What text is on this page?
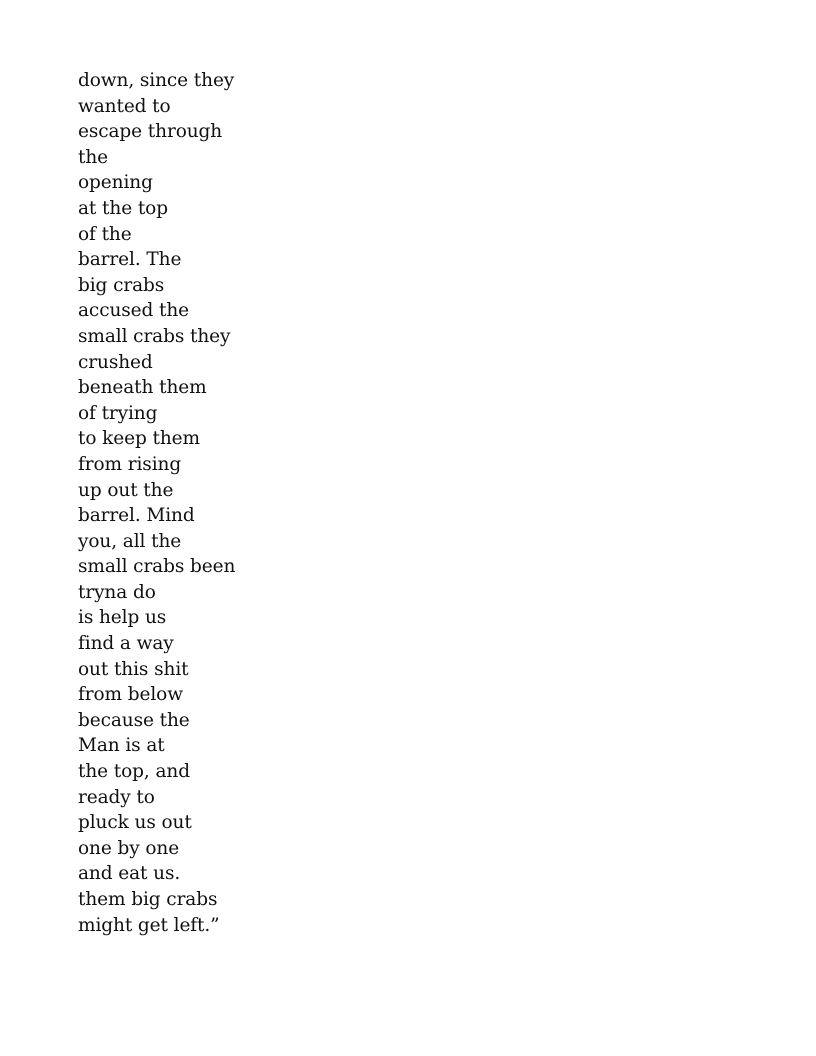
down, since they
wanted to
escape through
the
opening
at the top
of the
barrel. The
big crabs
accused the
small crabs they
crushed
beneath them
of trying
to keep them
from rising
up out the
barrel. Mind
you, all the
small crabs been
tryna do
is help us
find a way
out this shit
from below
because the
Man is at
the top, and
ready to
pluck us out
one by one
and eat us.
them big crabs
might get left.”
